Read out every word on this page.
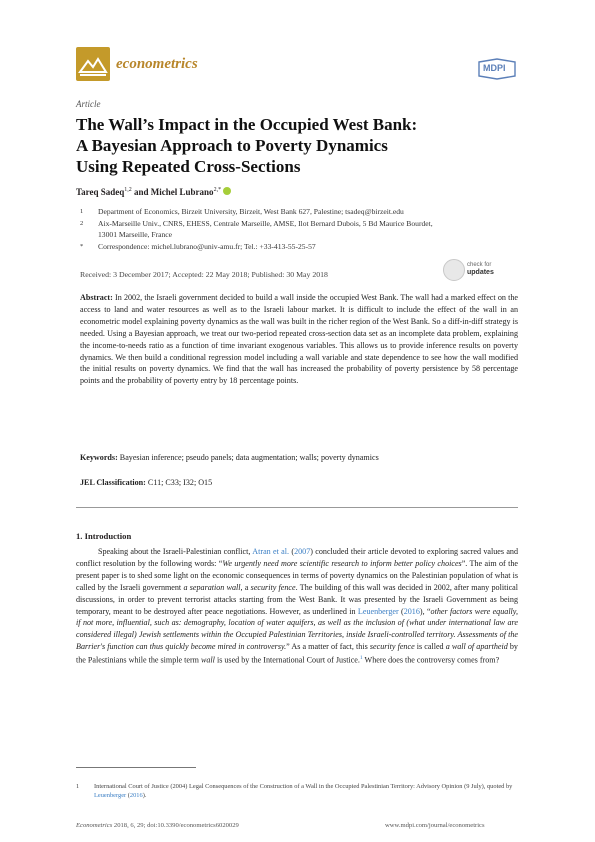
econometrics	MDPI
Article
The Wall’s Impact in the Occupied West Bank:
A Bayesian Approach to Poverty Dynamics
Using Repeated Cross-Sections
Tareq Sadeq$^{1,2}$ and Michel Lubrano$^{2,*}$
1 Department of Economics, Birzeit University, Birzeit, West Bank 627, Palestine; tsadeq@birzeit.edu
2 Aix-Marseille Univ., CNRS, EHESS, Centrale Marseille, AMSE, Ilot Bernard Dubois, 5 Bd Maurice Bourdet,
13001 Marseille, France
* Correspondence: michel.lubrano@univ-amu.fr; Tel.: +33-413-55-25-57
Received: 3 December 2017; Accepted: 22 May 2018; Published: 30 May 2018
check for
updates
Abstract: In 2002, the Israeli government decided to build a wall inside the occupied West Bank. The wall had a marked effect on the access to land and water resources as well as to the Israeli labour market. It is difficult to include the effect of the wall in an econometric model explaining poverty dynamics as the wall was built in the richer region of the West Bank. So a diff-in-diff strategy is needed. Using a Bayesian approach, we treat our two-period repeated cross-section data set as an incomplete data problem, explaining the income-to-needs ratio as a function of time invariant exogenous variables. This allows us to provide inference results on poverty dynamics. We then build a conditional regression model including a wall variable and state dependence to see how the wall modified the initial results on poverty dynamics. We find that the wall has increased the probability of poverty persistence by 58 percentage points and the probability of poverty entry by 18 percentage points.
Keywords: Bayesian inference; pseudo panels; data augmentation; walls; poverty dynamics
JEL Classification: C11; C33; I32; O15
1. Introduction
Speaking about the Israeli-Palestinian conflict, Atran et al. (2007) concluded their article devoted to exploring sacred values and conflict resolution by the following words: “We urgently need more scientific research to inform better policy choices”. The aim of the present paper is to shed some light on the economic consequences in terms of poverty dynamics on the Palestinian population of what is called by the Israeli government a separation wall, a security fence. The building of this wall was decided in 2002, after many political discussions, in order to prevent terrorist attacks starting from the West Bank. It was presented by the Israeli Government as being temporary, meant to be destroyed after peace negotiations. However, as underlined in Leuenberger (2016), “other factors were equally, if not more, influential, such as: demography, location of water aquifers, as well as the inclusion of (what under international law are considered illegal) Jewish settlements within the Occupied Palestinian Territories, inside Israeli-controlled territory. Assessments of the Barrier's function can thus quickly become mired in controversy.” As a matter of fact, this security fence is called a wall of apartheid by the Palestinians while the simple term wall is used by the International Court of Justice.$^1$ Where does the controversy comes from?
1 International Court of Justice (2004) Legal Consequences of the Construction of a Wall in the Occupied Palestinian Territory: Advisory Opinion (9 July), quoted by Leuenberger (2016).
Econometrics 2018, 6, 29; doi:10.3390/econometrics6020029	www.mdpi.com/journal/econometrics
